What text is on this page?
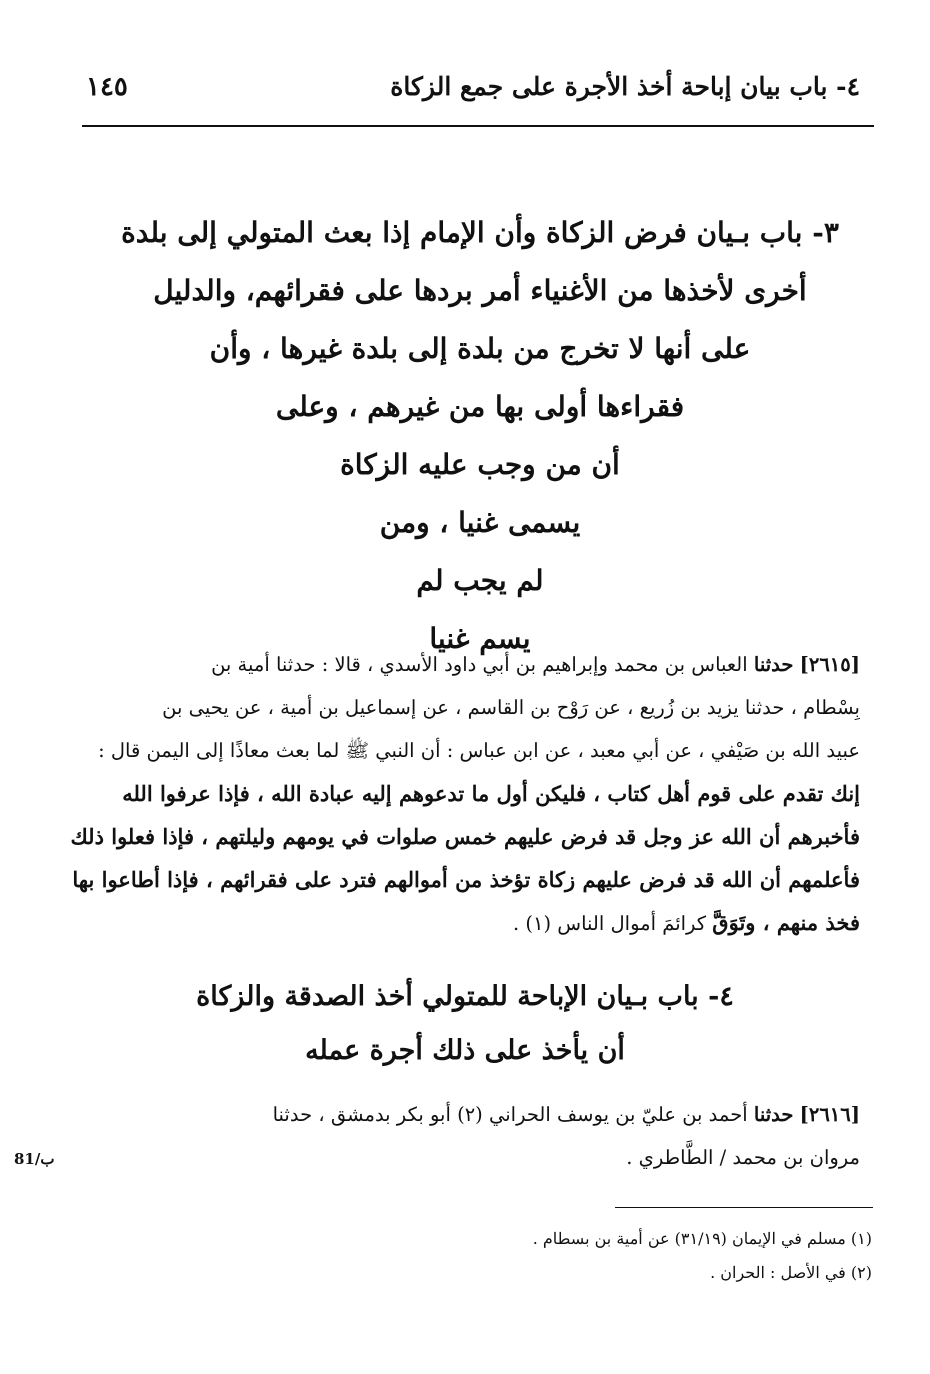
٤- باب بيان إباحة أخذ الأجرة على جمع الزكاة
١٤٥
٣- باب بـيان فرض الزكاة وأن الإمام إذا بعث المتولي إلى بلدة
أخرى لأخذها من الأغنياء أمر بردها على فقرائهم، والدليل
على أنها لا تخرج من بلدة إلى بلدة غيرها ، وأن
فقراءها أولى بها من غيرهم ، وعلى
أن من وجب عليه الزكاة
يسمى غنيا ، ومن
لم يجب لم
يسم غنيا
[٢٦١٥] حدثنا العباس بن محمد وإبراهيم بن أبي داود الأسدي ، قالا : حدثنا أمية بن
بِسْطام ، حدثنا يزيد بن زُريع ، عن رَوْح بن القاسم ، عن إسماعيل بن أمية ، عن يحيى بن
عبيد الله بن صَيْفي ، عن أبي معبد ، عن ابن عباس : أن النبي ﷺ لما بعث معاذًا إلى اليمن قال :
إنك تقدم على قوم أهل كتاب ، فليكن أول ما تدعوهم إليه عبادة الله ، فإذا عرفوا الله
فأخبرهم أن الله عز وجل قد فرض عليهم خمس صلوات في يومهم وليلتهم ، فإذا فعلوا ذلك
فأعلمهم أن الله قد فرض عليهم زكاة تؤخذ من أموالهم فترد على فقرائهم ، فإذا أطاعوا بها
فخذ منهم ، وتَوَقَّ كرائمَ أموال الناس (١) .
٤- باب بـيان الإباحة للمتولي أخذ الصدقة والزكاة
أن يأخذ على ذلك أجرة عمله
[٢٦١٦] حدثنا أحمد بن عليّ بن يوسف الحراني (٢) أبو بكر بدمشق ، حدثنا
مروان بن محمد / الطَّاطري .
81/ب
(١) مسلم في الإيمان (٣١/١٩) عن أمية بن بسطام .
(٢) في الأصل : الحران .
